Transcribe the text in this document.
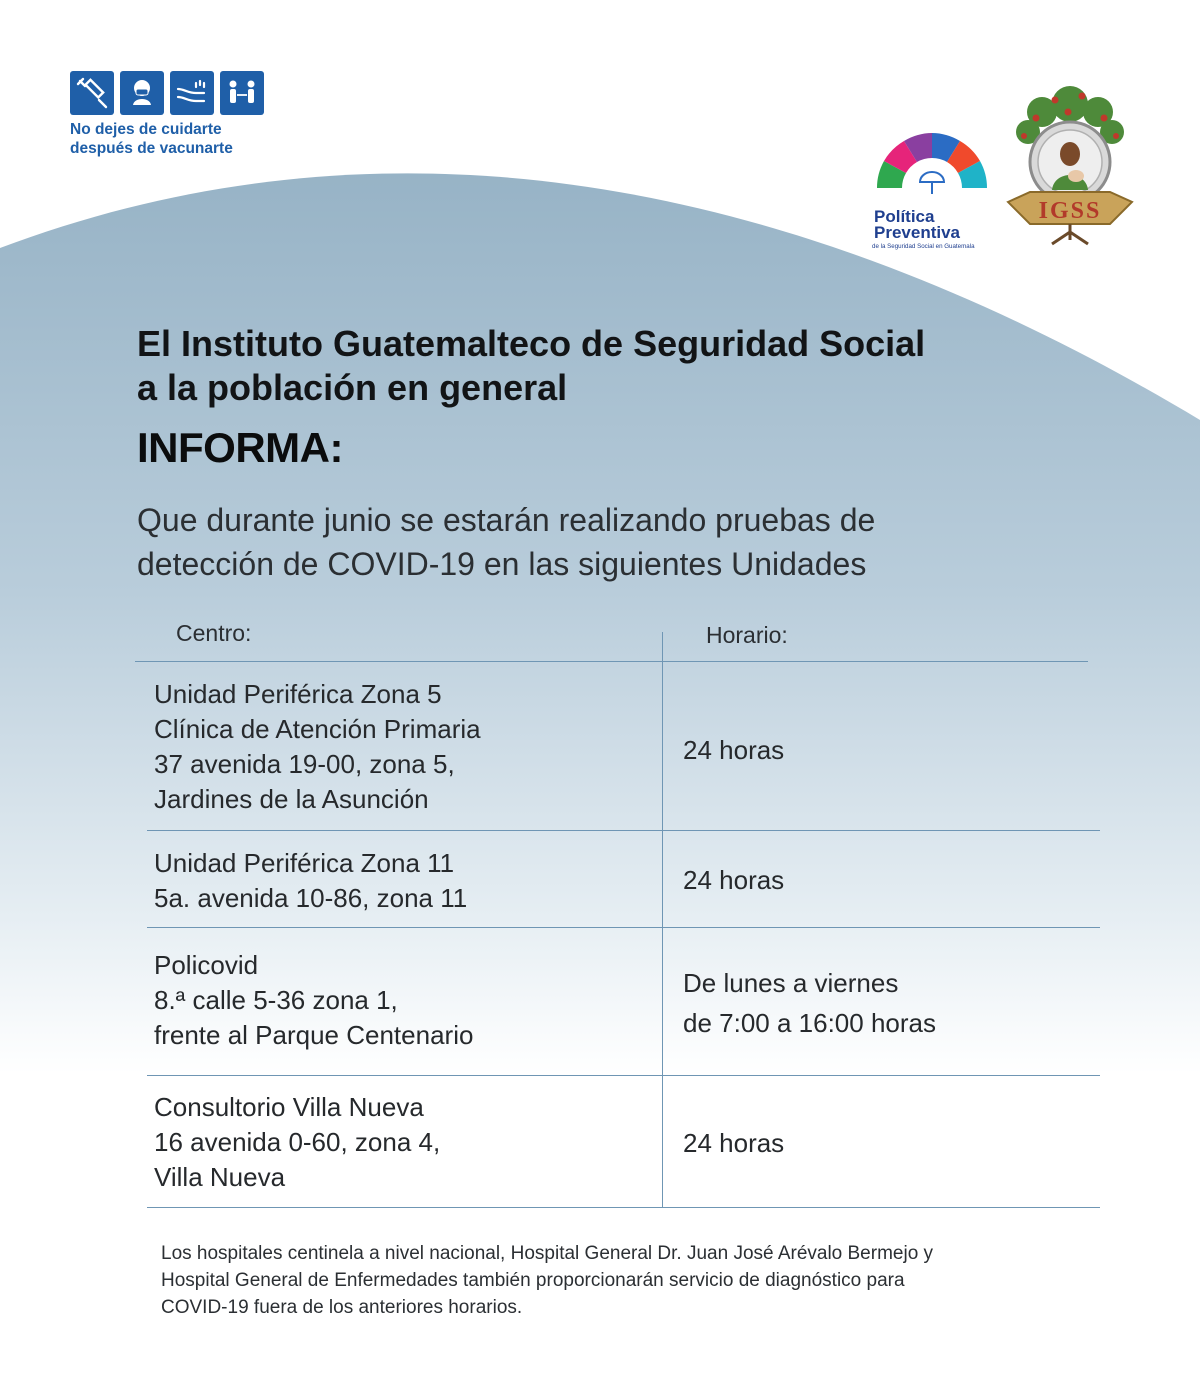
No dejes de cuidarte
después de vacunarte
Política
Preventiva
de la Seguridad Social en Guatemala
IGSS
El Instituto Guatemalteco de Seguridad Social
a la población en general
INFORMA:
Que durante junio se estarán realizando pruebas de
detección de COVID-19 en las siguientes Unidades
Centro:	Horario:
Unidad Periférica Zona 5
Clínica de Atención Primaria
37 avenida 19-00, zona 5,
Jardines de la Asunción
24 horas
Unidad Periférica Zona 11
5a. avenida 10-86, zona 11
24 horas
Policovid
8.ª calle 5-36 zona 1,
frente al Parque Centenario
De lunes a viernes
de 7:00 a 16:00 horas
Consultorio Villa Nueva
16 avenida 0-60, zona 4,
Villa Nueva
24 horas
Los hospitales centinela a nivel nacional, Hospital General Dr. Juan José Arévalo Bermejo y
Hospital General de Enfermedades también proporcionarán servicio de diagnóstico para
COVID-19 fuera de los anteriores horarios.
